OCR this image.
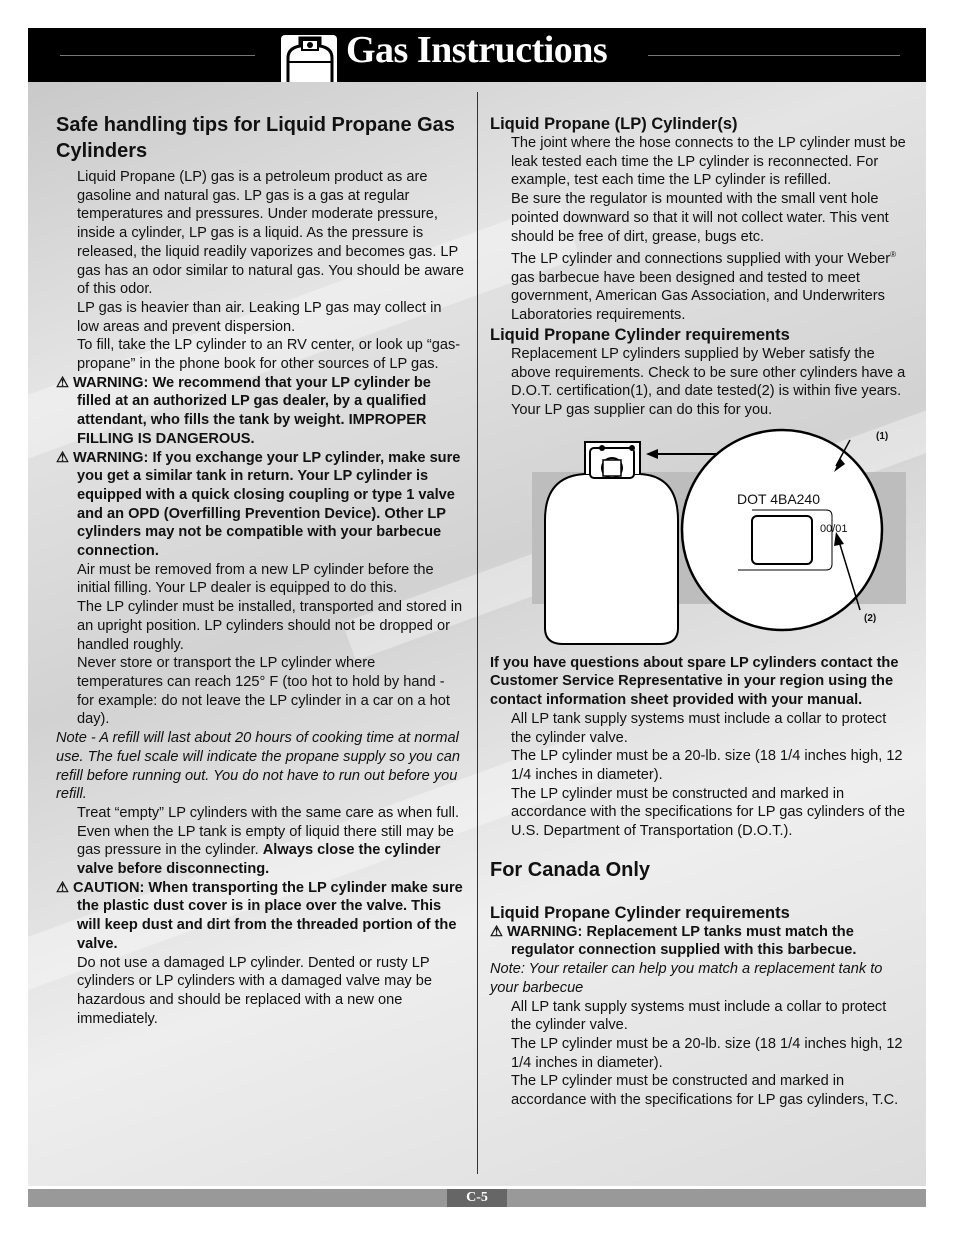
Gas Instructions
Safe handling tips for Liquid Propane Gas Cylinders

Liquid Propane (LP) gas is a petroleum product as are gasoline and natural gas. LP gas is a gas at regular temperatures and pressures. Under moderate pressure, inside a cylinder, LP gas is a liquid. As the pressure is released, the liquid readily vaporizes and becomes gas. LP gas has an odor similar to natural gas. You should be aware of this odor.

LP gas is heavier than air. Leaking LP gas may collect in low areas and prevent dispersion.

To fill, take the LP cylinder to an RV center, or look up “gas-propane” in the phone book for other sources of LP gas.

⚠ WARNING: We recommend that your LP cylinder be filled at an authorized LP gas dealer, by a qualified attendant, who fills the tank by weight. IMPROPER FILLING IS DANGEROUS.

⚠ WARNING: If you exchange your LP cylinder, make sure you get a similar tank in return. Your LP cylinder is equipped with a quick closing coupling or type 1 valve and an OPD (Overfilling Prevention Device). Other LP cylinders may not be compatible with your barbecue connection.

Air must be removed from a new LP cylinder before the initial filling. Your LP dealer is equipped to do this.

The LP cylinder must be installed, transported and stored in an upright position. LP cylinders should not be dropped or handled roughly.

Never store or transport the LP cylinder where temperatures can reach 125° F (too hot to hold by hand - for example: do not leave the LP cylinder in a car on a hot day).

Note - A refill will last about 20 hours of cooking time at normal use. The fuel scale will indicate the propane supply so you can refill before running out. You do not have to run out before you refill.

Treat “empty” LP cylinders with the same care as when full. Even when the LP tank is empty of liquid there still may be gas pressure in the cylinder. Always close the cylinder valve before disconnecting.

⚠ CAUTION: When transporting the LP cylinder make sure the plastic dust cover is in place over the valve. This will keep dust and dirt from the threaded portion of the valve.

Do not use a damaged LP cylinder. Dented or rusty LP cylinders or LP cylinders with a damaged valve may be hazardous and should be replaced with a new one immediately.

Liquid Propane (LP) Cylinder(s)

The joint where the hose connects to the LP cylinder must be leak tested each time the LP cylinder is reconnected. For example, test each time the LP cylinder is refilled.

Be sure the regulator is mounted with the small vent hole pointed downward so that it will not collect water. This vent should be free of dirt, grease, bugs etc.

The LP cylinder and connections supplied with your Weber® gas barbecue have been designed and tested to meet government, American Gas Association, and Underwriters Laboratories requirements.

Liquid Propane Cylinder requirements

Replacement LP cylinders supplied by Weber satisfy the above requirements. Check to be sure other cylinders have a D.O.T. certification(1), and date tested(2) is within five years. Your LP gas supplier can do this for you.

DOT 4BA240
00/01
(1)
(2)

If you have questions about spare LP cylinders contact the Customer Service Representative in your region using the contact information sheet provided with your manual.

All LP tank supply systems must include a collar to protect the cylinder valve.

The LP cylinder must be a 20-lb. size (18 1/4 inches high, 12 1/4 inches in diameter).

The LP cylinder must be constructed and marked in accordance with the specifications for LP gas cylinders of the U.S. Department of Transportation (D.O.T.).

For Canada Only
Liquid Propane Cylinder requirements

⚠ WARNING: Replacement LP tanks must match the regulator connection supplied with this barbecue.

Note: Your retailer can help you match a replacement tank to your barbecue

All LP tank supply systems must include a collar to protect the cylinder valve.

The LP cylinder must be a 20-lb. size (18 1/4 inches high, 12 1/4 inches in diameter).

The LP cylinder must be constructed and marked in accordance with the specifications for LP gas cylinders, T.C.

C-5
